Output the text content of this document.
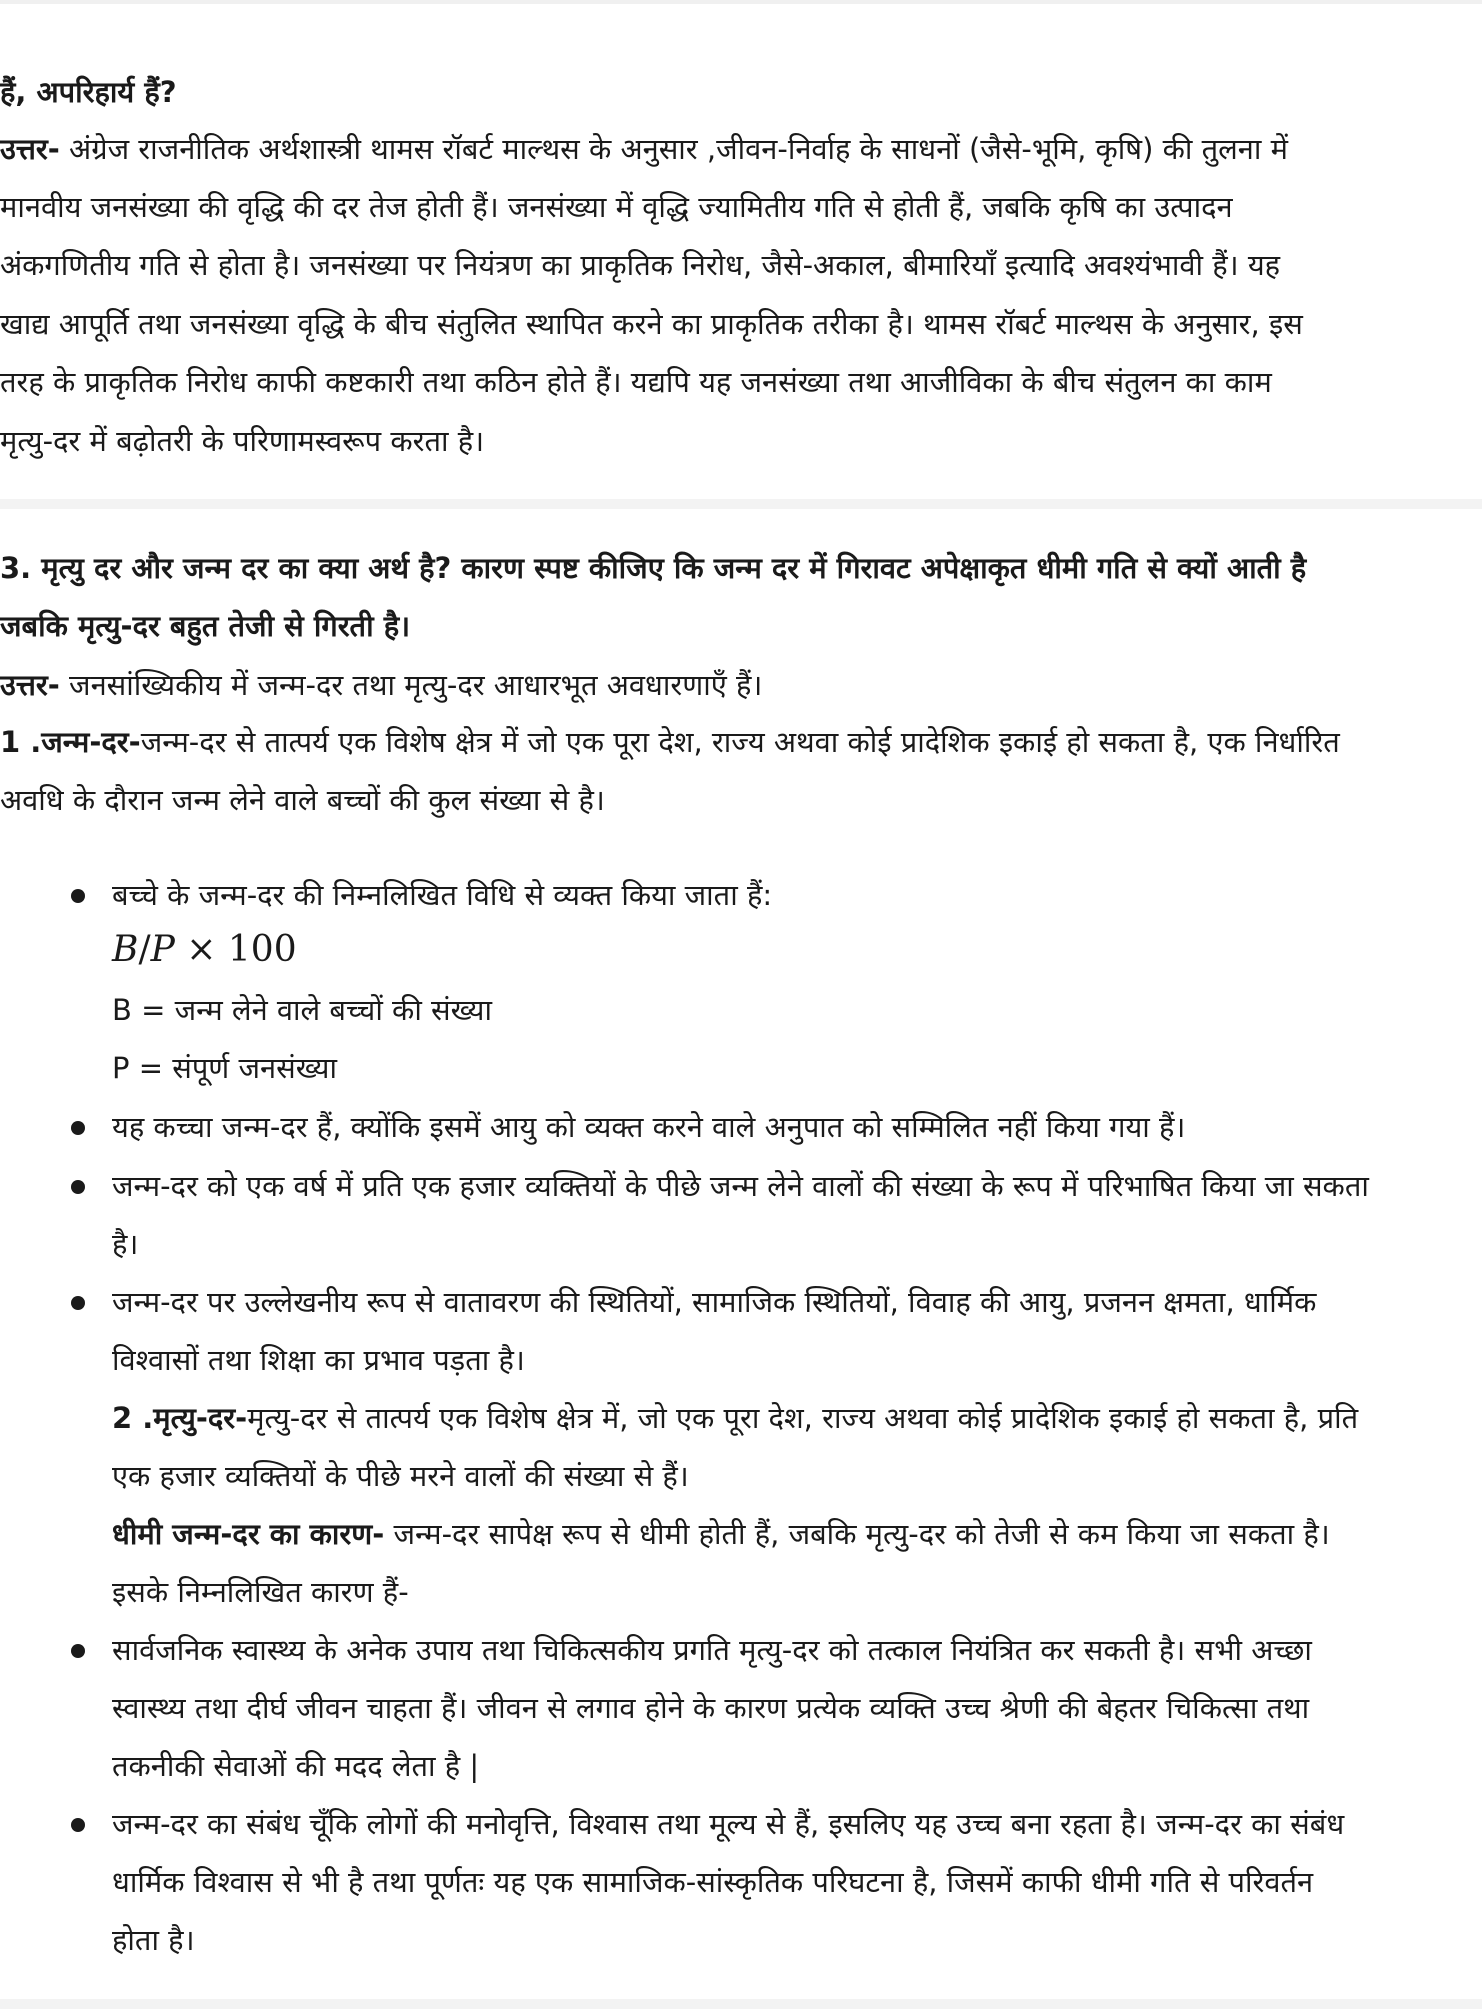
हैं, अपरिहार्य हैं?
उत्तर- अंग्रेज राजनीतिक अर्थशास्त्री थामस रॉबर्ट माल्थस के अनुसार ,जीवन-निर्वाह के साधनों (जैसे-भूमि, कृषि) की तुलना में
मानवीय जनसंख्या की वृद्धि की दर तेज होती हैं। जनसंख्या में वृद्धि ज्यामितीय गति से होती हैं, जबकि कृषि का उत्पादन
अंकगणितीय गति से होता है। जनसंख्या पर नियंत्रण का प्राकृतिक निरोध, जैसे-अकाल, बीमारियाँ इत्यादि अवश्यंभावी हैं। यह
खाद्य आपूर्ति तथा जनसंख्या वृद्धि के बीच संतुलित स्थापित करने का प्राकृतिक तरीका है। थामस रॉबर्ट माल्थस के अनुसार, इस
तरह के प्राकृतिक निरोध काफी कष्टकारी तथा कठिन होते हैं। यद्यपि यह जनसंख्या तथा आजीविका के बीच संतुलन का काम
मृत्यु-दर में बढ़ोतरी के परिणामस्वरूप करता है।
3. मृत्यु दर और जन्म दर का क्या अर्थ है? कारण स्पष्ट कीजिए कि जन्म दर में गिरावट अपेक्षाकृत धीमी गति से क्यों आती है
जबकि मृत्यु-दर बहुत तेजी से गिरती है।
उत्तर- जनसांख्यिकीय में जन्म-दर तथा मृत्यु-दर आधारभूत अवधारणाएँ हैं।
1 .जन्म-दर-जन्म-दर से तात्पर्य एक विशेष क्षेत्र में जो एक पूरा देश, राज्य अथवा कोई प्रादेशिक इकाई हो सकता है, एक निर्धारित
अवधि के दौरान जन्म लेने वाले बच्चों की कुल संख्या से है।
बच्चे के जन्म-दर की निम्नलिखित विधि से व्यक्त किया जाता हैं:
B/P × 100
B = जन्म लेने वाले बच्चों की संख्या
P = संपूर्ण जनसंख्या
यह कच्चा जन्म-दर हैं, क्योंकि इसमें आयु को व्यक्त करने वाले अनुपात को सम्मिलित नहीं किया गया हैं।
जन्म-दर को एक वर्ष में प्रति एक हजार व्यक्तियों के पीछे जन्म लेने वालों की संख्या के रूप में परिभाषित किया जा सकता
है।
जन्म-दर पर उल्लेखनीय रूप से वातावरण की स्थितियों, सामाजिक स्थितियों, विवाह की आयु, प्रजनन क्षमता, धार्मिक
विश्वासों तथा शिक्षा का प्रभाव पड़ता है।
2 .मृत्यु-दर-मृत्यु-दर से तात्पर्य एक विशेष क्षेत्र में, जो एक पूरा देश, राज्य अथवा कोई प्रादेशिक इकाई हो सकता है, प्रति
एक हजार व्यक्तियों के पीछे मरने वालों की संख्या से हैं।
धीमी जन्म-दर का कारण- जन्म-दर सापेक्ष रूप से धीमी होती हैं, जबकि मृत्यु-दर को तेजी से कम किया जा सकता है।
इसके निम्नलिखित कारण हैं-
सार्वजनिक स्वास्थ्य के अनेक उपाय तथा चिकित्सकीय प्रगति मृत्यु-दर को तत्काल नियंत्रित कर सकती है। सभी अच्छा
स्वास्थ्य तथा दीर्घ जीवन चाहता हैं। जीवन से लगाव होने के कारण प्रत्येक व्यक्ति उच्च श्रेणी की बेहतर चिकित्सा तथा
तकनीकी सेवाओं की मदद लेता है |
जन्म-दर का संबंध चूँकि लोगों की मनोवृत्ति, विश्वास तथा मूल्य से हैं, इसलिए यह उच्च बना रहता है। जन्म-दर का संबंध
धार्मिक विश्वास से भी है तथा पूर्णतः यह एक सामाजिक-सांस्कृतिक परिघटना है, जिसमें काफी धीमी गति से परिवर्तन
होता है।
